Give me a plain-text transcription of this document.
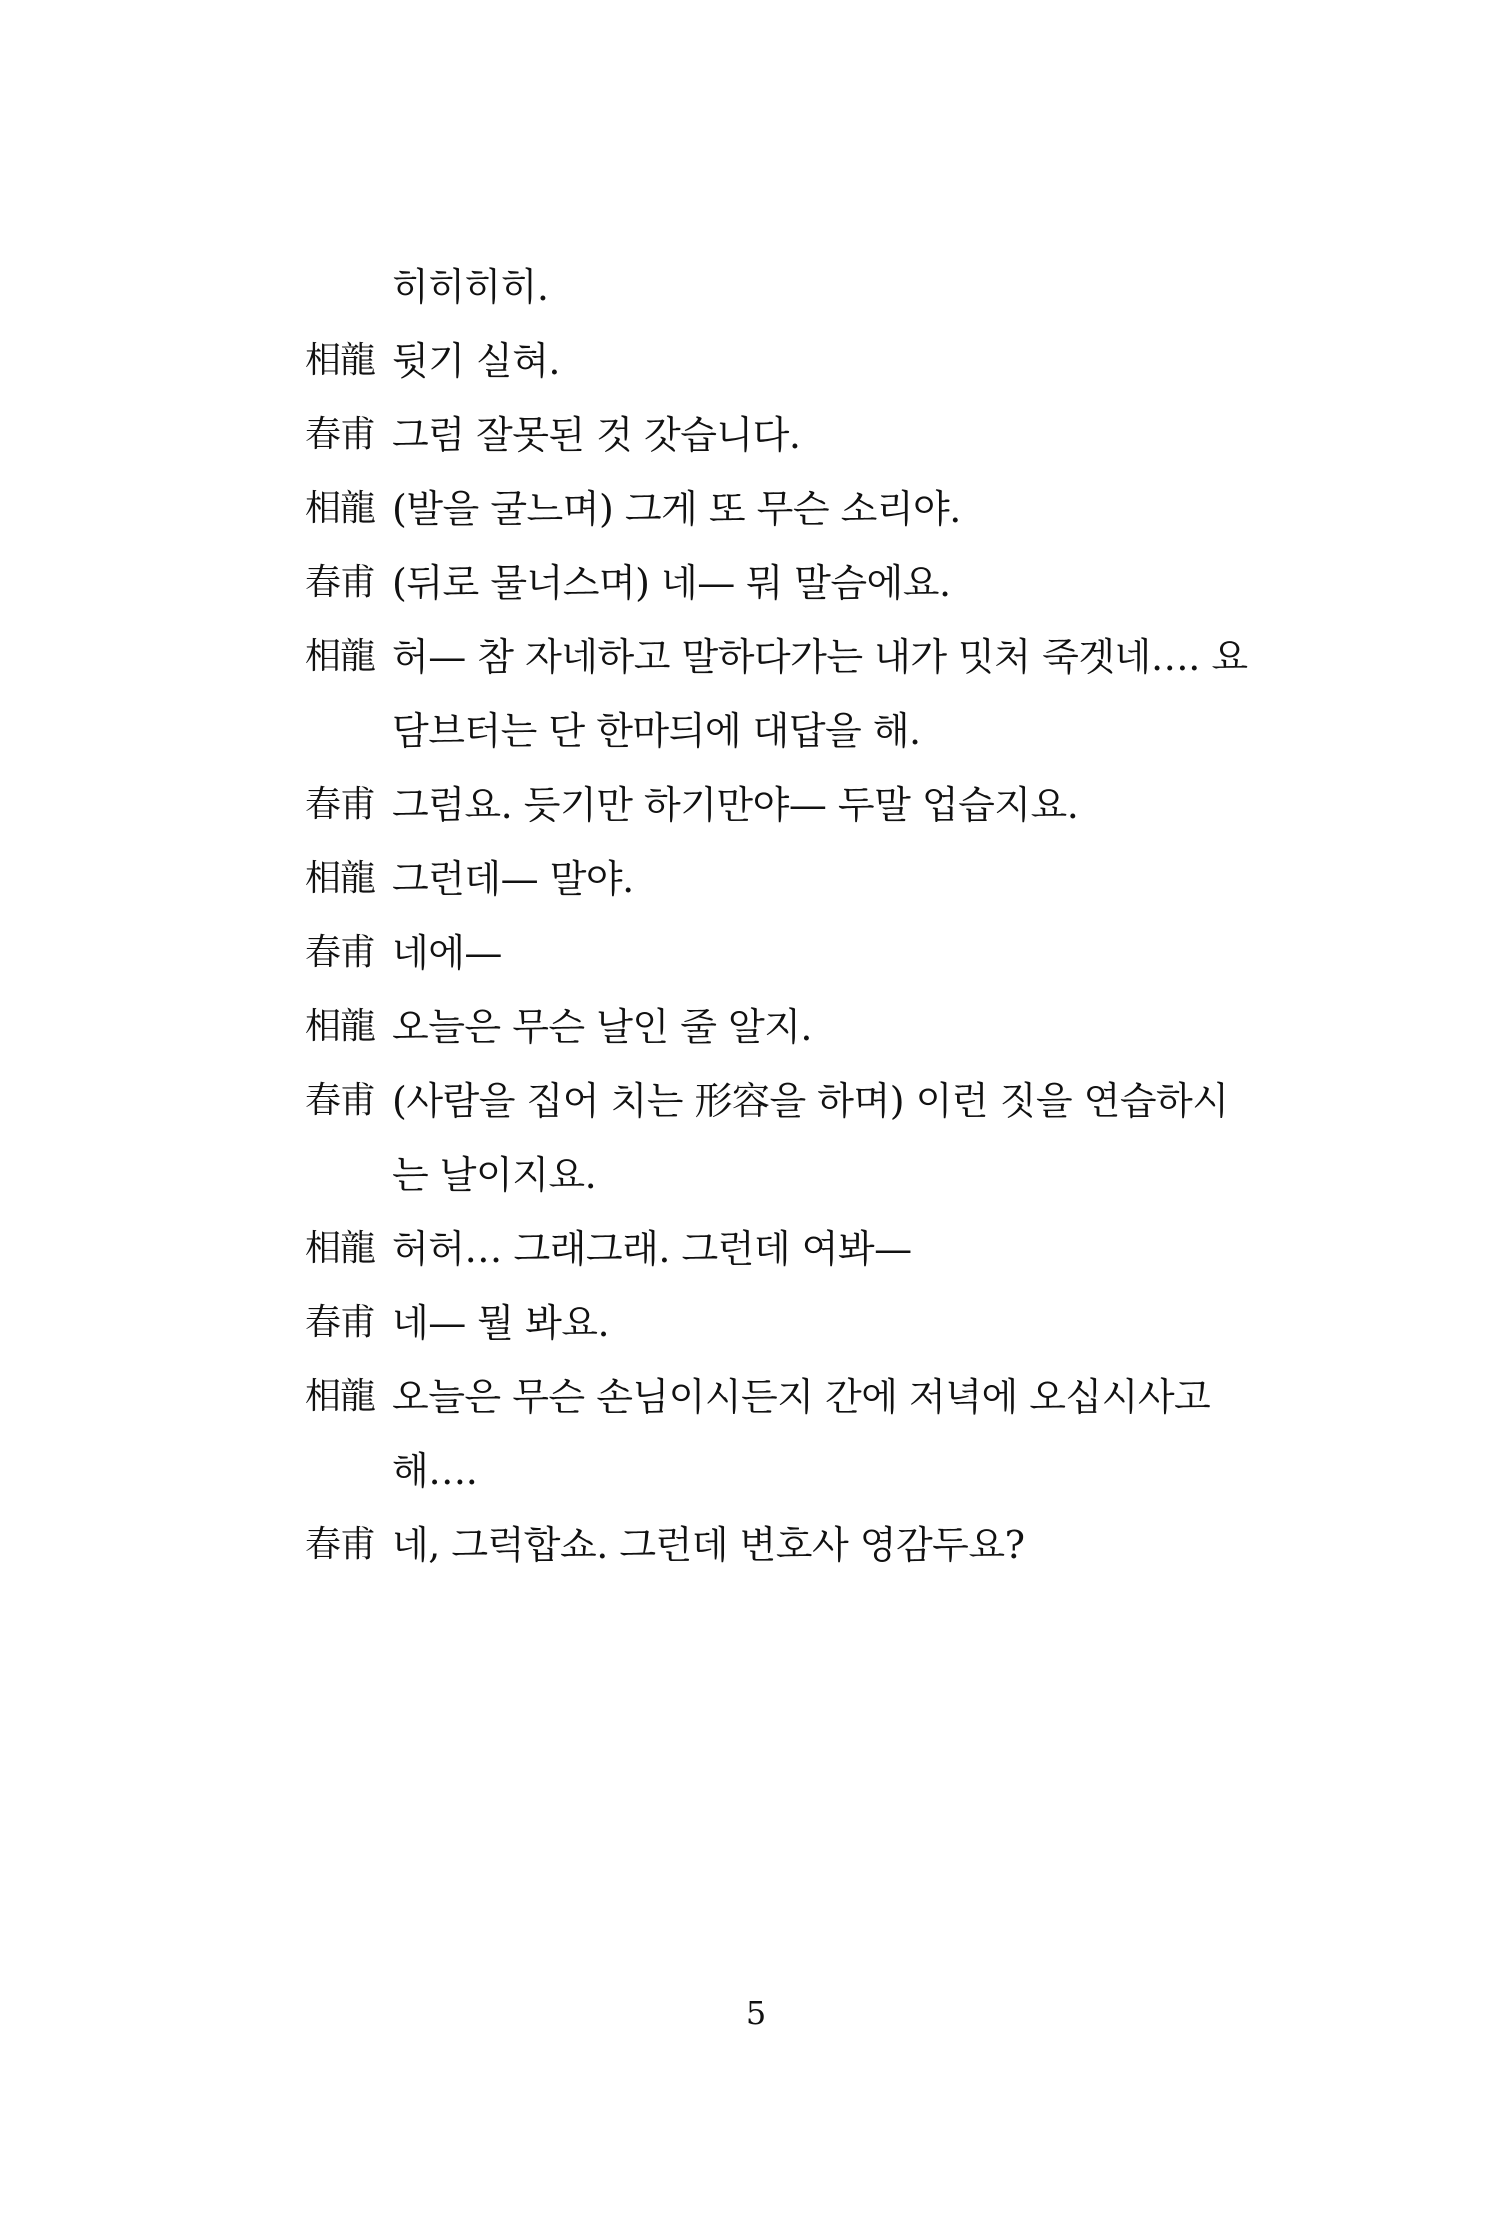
히히히히.
相龍 뒷기 실혀.
春甫 그럼 잘못된 것 갓습니다.
相龍 (발을 굴느며) 그게 또 무슨 소리야.
春甫 (뒤로 물너스며) 네— 뭐 말슴에요.
相龍 허— 참 자네하고 말하다가는 내가 밋처 죽겟네…. 요
담브터는 단 한마듸에 대답을 해.
春甫 그럼요. 듯기만 하기만야— 두말 업습지요.
相龍 그런데— 말야.
春甫 네에—
相龍 오늘은 무슨 날인 줄 알지.
春甫 (사람을 집어 치는 形容을 하며) 이런 짓을 연습하시
는 날이지요.
相龍 허허… 그래그래. 그런데 여봐—
春甫 네— 뭘 봐요.
相龍 오늘은 무슨 손님이시든지 간에 저녁에 오십시사고
해….
春甫 네, 그럭합쇼. 그런데 변호사 영감두요?
5
